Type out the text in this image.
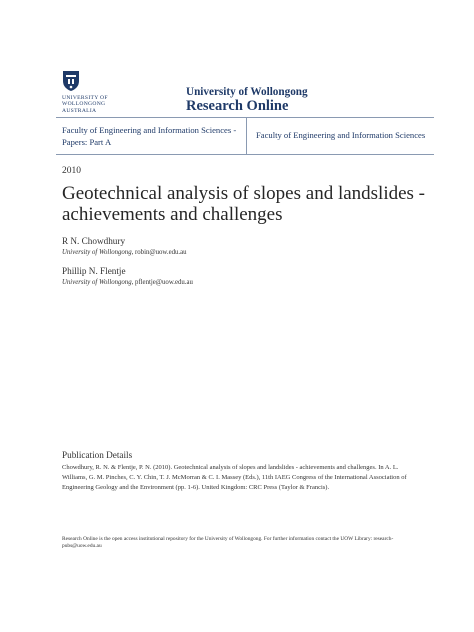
UNIVERSITY OF WOLLONGONG AUSTRALIA
University of Wollongong
Research Online
Faculty of Engineering and Information Sciences - Papers: Part A
Faculty of Engineering and Information Sciences
2010
Geotechnical analysis of slopes and landslides - achievements and challenges
R N. Chowdhury
University of Wollongong, robin@uow.edu.au
Phillip N. Flentje
University of Wollongong, pflentje@uow.edu.au
Publication Details
Chowdhury, R. N. & Flentje, P. N. (2010). Geotechnical analysis of slopes and landslides - achievements and challenges. In A. L. Williams, G. M. Pinches, C. Y. Chin, T. J. McMorran & C. I. Massey (Eds.), 11th IAEG Congress of the International Association of Engineering Geology and the Environment (pp. 1-6). United Kingdom: CRC Press (Taylor & Francis).
Research Online is the open access institutional repository for the University of Wollongong. For further information contact the UOW Library: research-pubs@uow.edu.au
